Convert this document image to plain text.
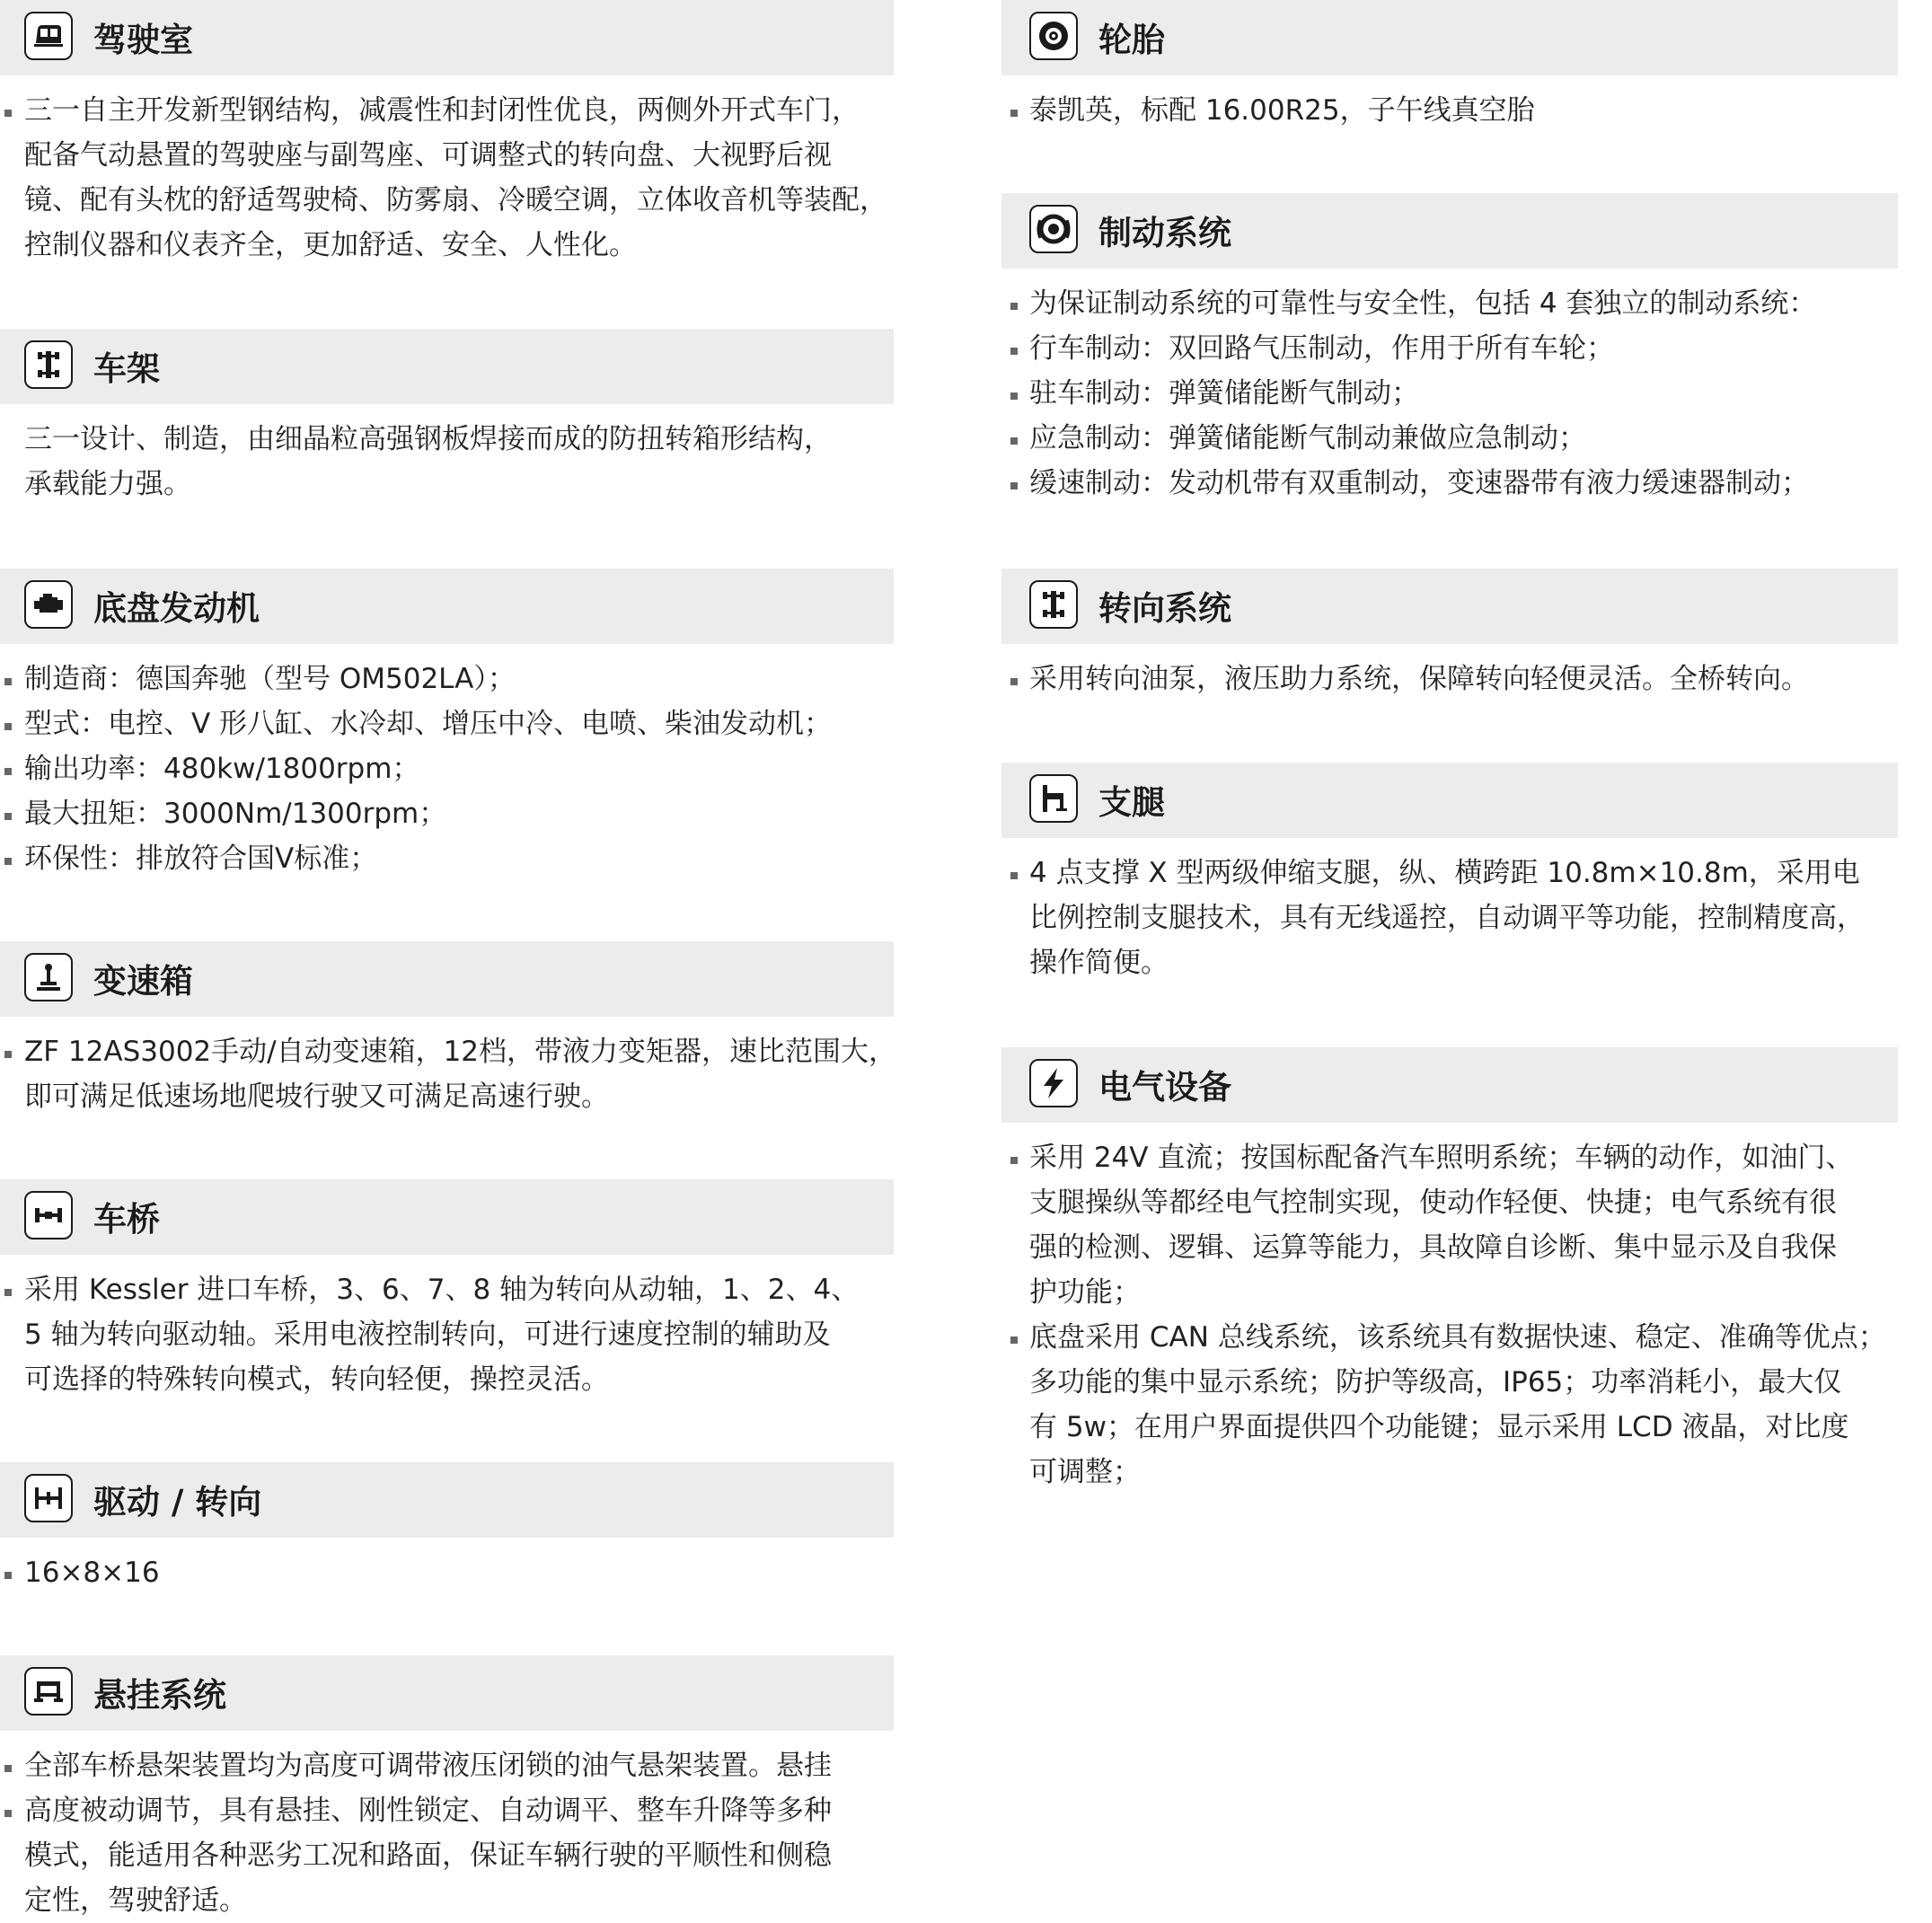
驾驶室
三一自主开发新型钢结构，减震性和封闭性优良，两侧外开式车门，
配备气动悬置的驾驶座与副驾座、可调整式的转向盘、大视野后视
镜、配有头枕的舒适驾驶椅、防雾扇、冷暖空调，立体收音机等装配，
控制仪器和仪表齐全，更加舒适、安全、人性化。
车架
三一设计、制造，由细晶粒高强钢板焊接而成的防扭转箱形结构，
承载能力强。
底盘发动机
制造商：德国奔驰（型号 OM502LA）；
型式：电控、V 形八缸、水冷却、增压中冷、电喷、柴油发动机；
输出功率：480kw/1800rpm；
最大扭矩：3000Nm/1300rpm；
环保性：排放符合国Ⅴ标准；
变速箱
ZF 12AS3002手动/自动变速箱，12档，带液力变矩器，速比范围大，
即可满足低速场地爬坡行驶又可满足高速行驶。
车桥
采用 Kessler 进口车桥，3、6、7、8 轴为转向从动轴，1、2、4、
5 轴为转向驱动轴。采用电液控制转向，可进行速度控制的辅助及
可选择的特殊转向模式，转向轻便，操控灵活。
驱动 / 转向
16×8×16
悬挂系统
全部车桥悬架装置均为高度可调带液压闭锁的油气悬架装置。悬挂
高度被动调节，具有悬挂、刚性锁定、自动调平、整车升降等多种
模式，能适用各种恶劣工况和路面，保证车辆行驶的平顺性和侧稳
定性，驾驶舒适。
轮胎
泰凯英，标配 16.00R25，子午线真空胎
制动系统
为保证制动系统的可靠性与安全性，包括 4 套独立的制动系统：
行车制动：双回路气压制动，作用于所有车轮；
驻车制动：弹簧储能断气制动；
应急制动：弹簧储能断气制动兼做应急制动；
缓速制动：发动机带有双重制动，变速器带有液力缓速器制动；
转向系统
采用转向油泵，液压助力系统，保障转向轻便灵活。全桥转向。
支腿
4 点支撑 X 型两级伸缩支腿，纵、横跨距 10.8m×10.8m，采用电
比例控制支腿技术，具有无线遥控，自动调平等功能，控制精度高，
操作简便。
电气设备
采用 24V 直流；按国标配备汽车照明系统；车辆的动作，如油门、
支腿操纵等都经电气控制实现，使动作轻便、快捷；电气系统有很
强的检测、逻辑、运算等能力，具故障自诊断、集中显示及自我保
护功能；
底盘采用 CAN 总线系统，该系统具有数据快速、稳定、准确等优点；
多功能的集中显示系统；防护等级高，IP65；功率消耗小，最大仅
有 5w；在用户界面提供四个功能键；显示采用 LCD 液晶，对比度
可调整；
